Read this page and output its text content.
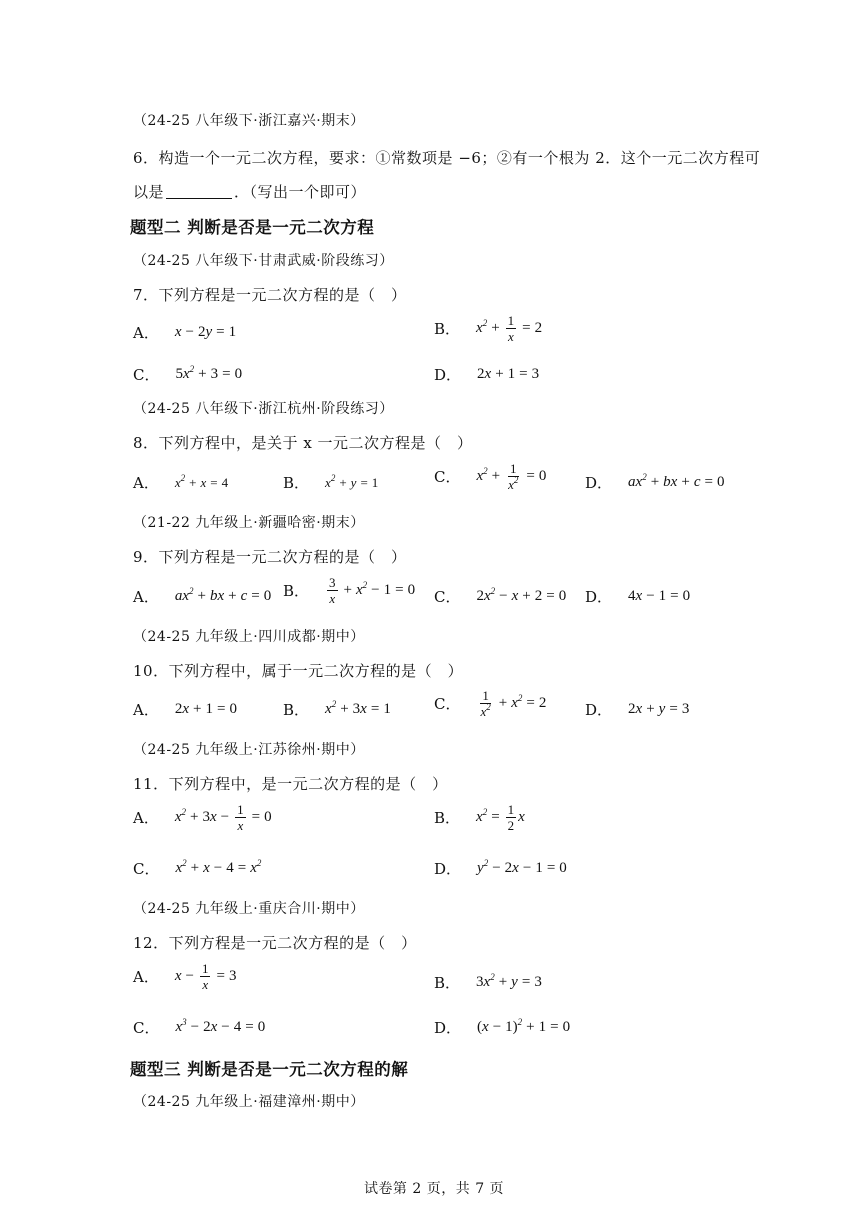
（24-25 八年级下·浙江嘉兴·期末）
6．构造一个一元二次方程，要求：①常数项是 −6；②有一个根为 2．这个一元二次方程可
以是	．（写出一个即可）
题型二 判断是否是一元二次方程
（24-25 八年级下·甘肃武威·阶段练习）
7．下列方程是一元二次方程的是（　）
A． x − 2y = 1	B． $x^2 + \frac{1}{x} = 2$
C． $5x^2 + 3 = 0$	D． 2x + 1 = 3
（24-25 八年级下·浙江杭州·阶段练习）
8．下列方程中，是关于 x 一元二次方程是（　）
A． $x^2 + x = 4$	B． $x^2 + y = 1$	C． $x^2 + \frac{1}{x^2} = 0$	D． $ax^2$ + bx + c = 0
（21-22 九年级上·新疆哈密·期末）
9．下列方程是一元二次方程的是（　）
A． $ax^2$ + bx + c = 0 B． $\frac{3}{x} + x^2 - 1 = 0$ C． $2x^2 - x + 2 = 0$ D． 4x − 1 = 0
（24-25 九年级上·四川成都·期中）
10．下列方程中，属于一元二次方程的是（　）
A． 2x + 1 = 0	B． $x^2 + 3x = 1$	C． $\frac{1}{x^2} + x^2 = 2$	D． 2x + y = 3
（24-25 九年级上·江苏徐州·期中）
11．下列方程中，是一元二次方程的是（　）
A． $x^2 + 3x - \frac{1}{x} = 0$	B． $x^2 = \frac{1}{2}$ x
C． $x^2 + x - 4 = x^2$	D． $y^2 - 2x - 1 = 0$
（24-25 九年级上·重庆合川·期中）
12．下列方程是一元二次方程的是（　）
A． $x - \frac{1}{x} = 3$	B． $3x^2 + y = 3$
C． $x^3 - 2x - 4 = 0$	D． $(x - 1)^2 + 1 = 0$
题型三 判断是否是一元二次方程的解
（24-25 九年级上·福建漳州·期中）
试卷第 2 页，共 7 页
